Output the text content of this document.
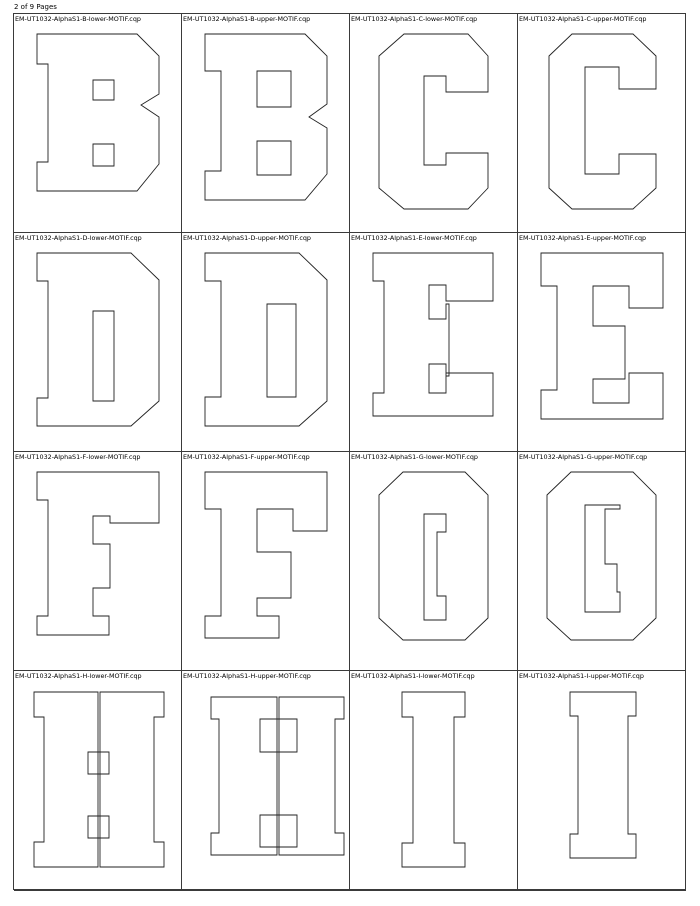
2 of 9 Pages
EM-UT1032-AlphaS1-B-lower-MOTIF.cqp	EM-UT1032-AlphaS1-B-upper-MOTIF.cqp	EM-UT1032-AlphaS1-C-lower-MOTIF.cqp	EM-UT1032-AlphaS1-C-upper-MOTIF.cqp
EM-UT1032-AlphaS1-D-lower-MOTIF.cqp	EM-UT1032-AlphaS1-D-upper-MOTIF.cqp	EM-UT1032-AlphaS1-E-lower-MOTIF.cqp	EM-UT1032-AlphaS1-E-upper-MOTIF.cqp
EM-UT1032-AlphaS1-F-lower-MOTIF.cqp	EM-UT1032-AlphaS1-F-upper-MOTIF.cqp	EM-UT1032-AlphaS1-G-lower-MOTIF.cqp	EM-UT1032-AlphaS1-G-upper-MOTIF.cqp
EM-UT1032-AlphaS1-H-lower-MOTIF.cqp	EM-UT1032-AlphaS1-H-upper-MOTIF.cqp	EM-UT1032-AlphaS1-I-lower-MOTIF.cqp	EM-UT1032-AlphaS1-I-upper-MOTIF.cqp
